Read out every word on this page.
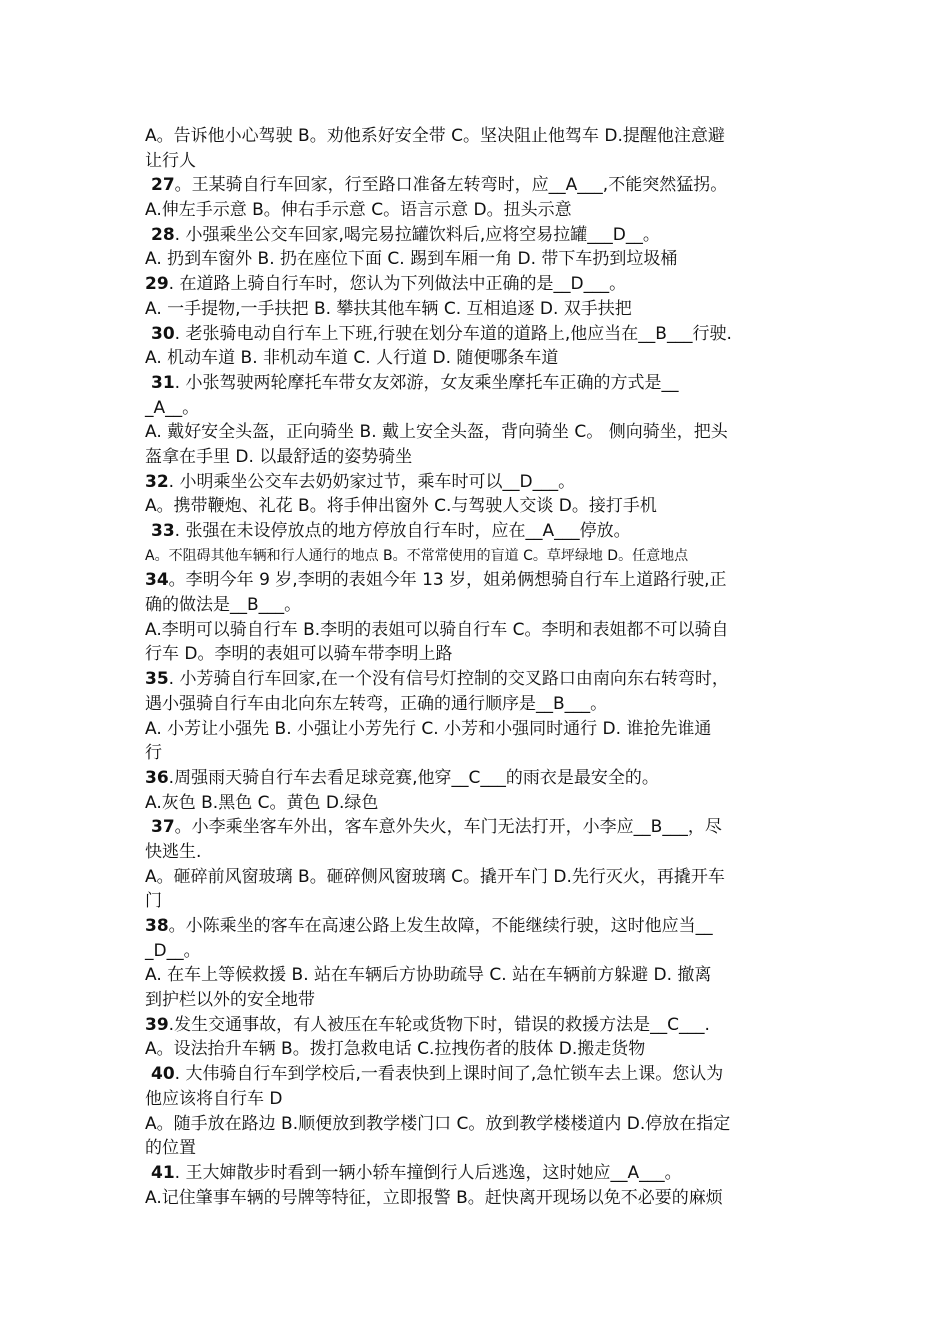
A。告诉他小心驾驶 B。劝他系好安全带 C。坚决阻止他驾车 D.提醒他注意避
让行人
27。王某骑自行车回家，行至路口准备左转弯时，应__A___,不能突然猛拐。
A.伸左手示意 B。伸右手示意 C。语言示意 D。扭头示意
28. 小强乘坐公交车回家,喝完易拉罐饮料后,应将空易拉罐___D__。
A. 扔到车窗外 B. 扔在座位下面 C. 踢到车厢一角 D. 带下车扔到垃圾桶
29. 在道路上骑自行车时，您认为下列做法中正确的是__D___。
A. 一手提物,一手扶把 B. 攀扶其他车辆 C. 互相追逐 D. 双手扶把
30. 老张骑电动自行车上下班,行驶在划分车道的道路上,他应当在__B___行驶.
A. 机动车道 B. 非机动车道 C. 人行道 D. 随便哪条车道
31. 小张驾驶两轮摩托车带女友郊游，女友乘坐摩托车正确的方式是__
_A__。
A. 戴好安全头盔，正向骑坐 B. 戴上安全头盔，背向骑坐 C。 侧向骑坐，把头
盔拿在手里 D. 以最舒适的姿势骑坐
32. 小明乘坐公交车去奶奶家过节，乘车时可以__D___。
A。携带鞭炮、礼花 B。将手伸出窗外 C.与驾驶人交谈 D。接打手机
33. 张强在未设停放点的地方停放自行车时，应在__A___停放。
A。不阻碍其他车辆和行人通行的地点 B。不常常使用的盲道 C。草坪绿地 D。任意地点
34。李明今年 9 岁,李明的表姐今年 13 岁，姐弟俩想骑自行车上道路行驶,正
确的做法是__B___。
A.李明可以骑自行车 B.李明的表姐可以骑自行车 C。李明和表姐都不可以骑自
行车 D。李明的表姐可以骑车带李明上路
35. 小芳骑自行车回家,在一个没有信号灯控制的交叉路口由南向东右转弯时，
遇小强骑自行车由北向东左转弯，正确的通行顺序是__B___。
A. 小芳让小强先 B. 小强让小芳先行 C. 小芳和小强同时通行 D. 谁抢先谁通
行
36.周强雨天骑自行车去看足球竞赛,他穿__C___的雨衣是最安全的。
A.灰色 B.黑色 C。黄色 D.绿色
37。小李乘坐客车外出，客车意外失火，车门无法打开，小李应__B___，尽
快逃生.
A。砸碎前风窗玻璃 B。砸碎侧风窗玻璃 C。撬开车门 D.先行灭火，再撬开车
门
38。小陈乘坐的客车在高速公路上发生故障，不能继续行驶，这时他应当__
_D__。
A. 在车上等候救援 B. 站在车辆后方协助疏导 C. 站在车辆前方躲避 D. 撤离
到护栏以外的安全地带
39.发生交通事故，有人被压在车轮或货物下时，错误的救援方法是__C___.
A。设法抬升车辆 B。拨打急救电话 C.拉拽伤者的肢体 D.搬走货物
40. 大伟骑自行车到学校后,一看表快到上课时间了,急忙锁车去上课。您认为
他应该将自行车 D
A。随手放在路边 B.顺便放到教学楼门口 C。放到教学楼楼道内 D.停放在指定
的位置
41. 王大婶散步时看到一辆小轿车撞倒行人后逃逸，这时她应__A___。
A.记住肇事车辆的号牌等特征，立即报警 B。赶快离开现场以免不必要的麻烦
